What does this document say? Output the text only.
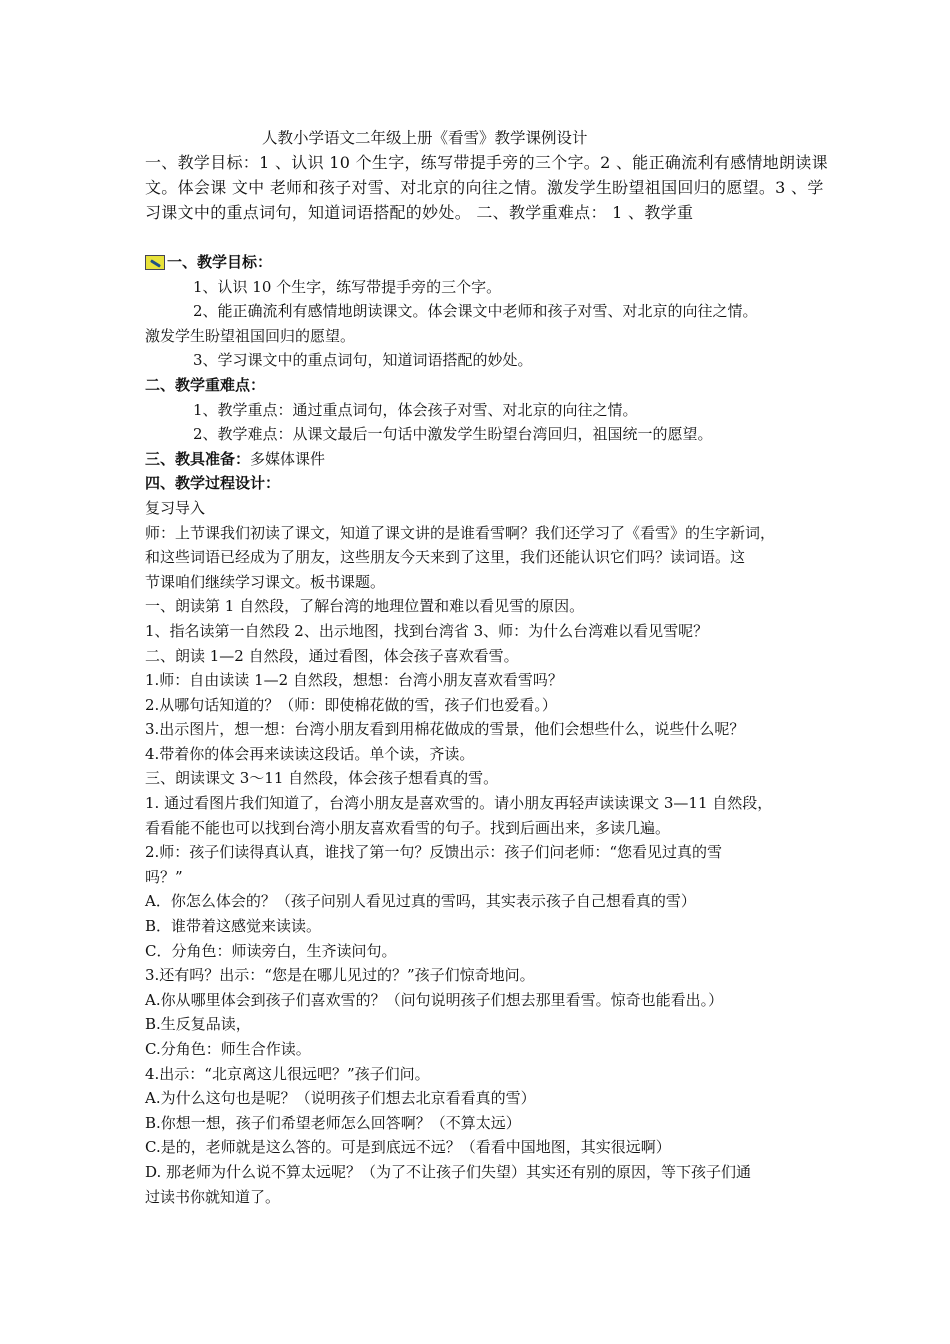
人教小学语文二年级上册《看雪》教学课例设计

一、教学目标：1 、认识 10 个生字，练写带提手旁的三个字。2 、能正确流利有感情地朗读课

文。体会课 文中 老师和孩子对雪、对北京的向往之情。激发学生盼望祖国回归的愿望。3 、学

习课文中的重点词句，知道词语搭配的妙处。 二、教学重难点： 1 、教学重

一、教学目标：

1、认识 10 个生字，练写带提手旁的三个字。

2、能正确流利有感情地朗读课文。体会课文中老师和孩子对雪、对北京的向往之情。

激发学生盼望祖国回归的愿望。

3、学习课文中的重点词句，知道词语搭配的妙处。

二、教学重难点：

1、教学重点：通过重点词句，体会孩子对雪、对北京的向往之情。

2、教学难点：从课文最后一句话中激发学生盼望台湾回归，祖国统一的愿望。

三、教具准备：多媒体课件

四、教学过程设计：

复习导入

师：上节课我们初读了课文，知道了课文讲的是谁看雪啊？我们还学习了《看雪》的生字新词，

和这些词语已经成为了朋友，这些朋友今天来到了这里，我们还能认识它们吗？读词语。这

节课咱们继续学习课文。板书课题。

一、朗读第 1 自然段，了解台湾的地理位置和难以看见雪的原因。

1、指名读第一自然段 2、出示地图，找到台湾省 3、师：为什么台湾难以看见雪呢？

二、朗读 1—2 自然段，通过看图，体会孩子喜欢看雪。

1.师：自由读读 1—2 自然段，想想：台湾小朋友喜欢看雪吗？

2.从哪句话知道的？（师：即使棉花做的雪，孩子们也爱看。）

3.出示图片，想一想：台湾小朋友看到用棉花做成的雪景，他们会想些什么，说些什么呢？

4.带着你的体会再来读读这段话。单个读，齐读。

三、朗读课文 3～11 自然段，体会孩子想看真的雪。

1. 通过看图片我们知道了，台湾小朋友是喜欢雪的。请小朋友再轻声读读课文 3—11 自然段，

看看能不能也可以找到台湾小朋友喜欢看雪的句子。找到后画出来，多读几遍。

2.师：孩子们读得真认真，谁找了第一句？反馈出示：孩子们问老师：“您看见过真的雪

吗？”

A．你怎么体会的？（孩子问别人看见过真的雪吗，其实表示孩子自己想看真的雪）

B．谁带着这感觉来读读。

C．分角色：师读旁白，生齐读问句。

3.还有吗？出示：“您是在哪儿见过的？”孩子们惊奇地问。

A.你从哪里体会到孩子们喜欢雪的？（问句说明孩子们想去那里看雪。惊奇也能看出。）

B.生反复品读，

C.分角色：师生合作读。

4.出示：“北京离这儿很远吧？”孩子们问。

A.为什么这句也是呢？（说明孩子们想去北京看看真的雪）

B.你想一想，孩子们希望老师怎么回答啊？（不算太远）

C.是的，老师就是这么答的。可是到底远不远？（看看中国地图，其实很远啊）

D. 那老师为什么说不算太远呢？（为了不让孩子们失望）其实还有别的原因，等下孩子们通

过读书你就知道了。
